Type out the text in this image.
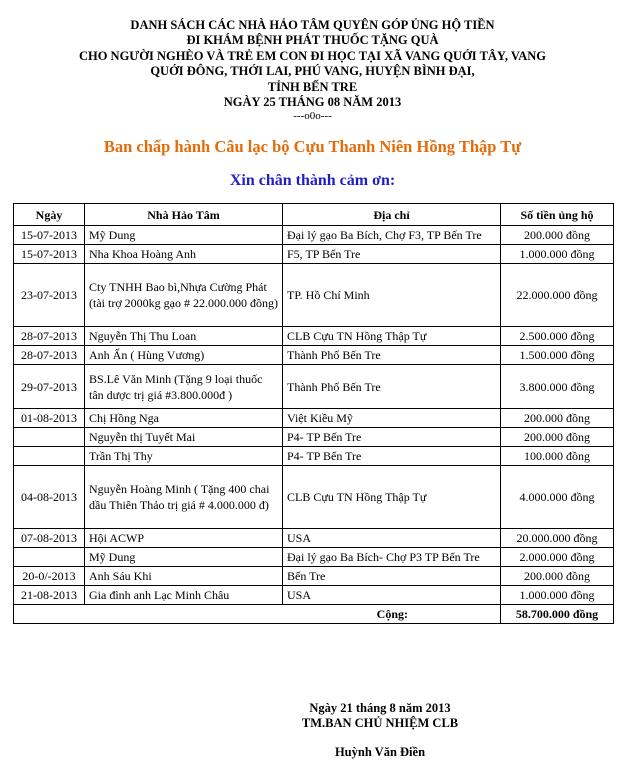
DANH SÁCH CÁC NHÀ HẢO TÂM QUYÊN GÓP ỦNG HỘ TIỀN
ĐI KHÁM BỆNH PHÁT THUỐC TẶNG QUÀ
CHO NGƯỜI NGHÈO VÀ TRẺ EM CON ĐI HỌC TẠI XÃ VANG QUỚI TÂY, VANG
QUỚI ĐÔNG, THỚI LAI, PHÚ VANG, HUYỆN BÌNH ĐẠI,
TỈNH BẾN TRE
NGÀY 25 THÁNG 08 NĂM 2013
---o0o---
Ban chấp hành Câu lạc bộ Cựu Thanh Niên Hồng Thập Tự
Xin chân thành cảm ơn:
Ngày	Nhà Hảo Tâm	Địa chỉ	Số tiền ủng hộ
15-07-2013	Mỹ Dung	Đại lý gạo Ba Bích, Chợ F3, TP Bến Tre	200.000 đồng
15-07-2013	Nha Khoa Hoàng Anh	F5, TP Bến Tre	1.000.000 đồng
23-07-2013	Cty TNHH Bao bì,Nhựa Cường Phát (tài trợ 2000kg gạo # 22.000.000 đồng)	TP. Hồ Chí Minh	22.000.000 đồng
28-07-2013	Nguyễn Thị Thu Loan	CLB Cựu TN Hồng Thập Tự	2.500.000 đồng
28-07-2013	Anh Ẩn ( Hùng Vương)	Thành Phố Bến Tre	1.500.000 đồng
29-07-2013	BS.Lê Văn Minh (Tặng 9 loại thuốc tân dược trị giá #3.800.000đ )	Thành Phố Bến Tre	3.800.000 đồng
01-08-2013	Chị Hồng Nga	Việt Kiều Mỹ	200.000 đồng
	Nguyễn thị Tuyết Mai	P4- TP Bến Tre	200.000 đồng
	Trần Thị Thy	P4- TP Bến Tre	100.000 đồng
04-08-2013	Nguyễn Hoàng Minh ( Tặng 400 chai dầu Thiên Thảo trị giá # 4.000.000 đ)	CLB Cựu TN Hồng Thập Tự	4.000.000 đồng
07-08-2013	Hội ACWP	USA	20.000.000 đồng
	Mỹ Dung	Đại lý gạo Ba Bích- Chợ P3 TP Bến Tre	2.000.000 đồng
20-0/-2013	Anh Sáu Khi	Bến Tre	200.000 đồng
21-08-2013	Gia đình anh Lạc Minh Châu	USA	1.000.000 đồng
Cộng:			58.700.000 đồng
Ngày 21 tháng 8 năm 2013
TM.BAN CHỦ NHIỆM CLB
Huỳnh Văn Điền
